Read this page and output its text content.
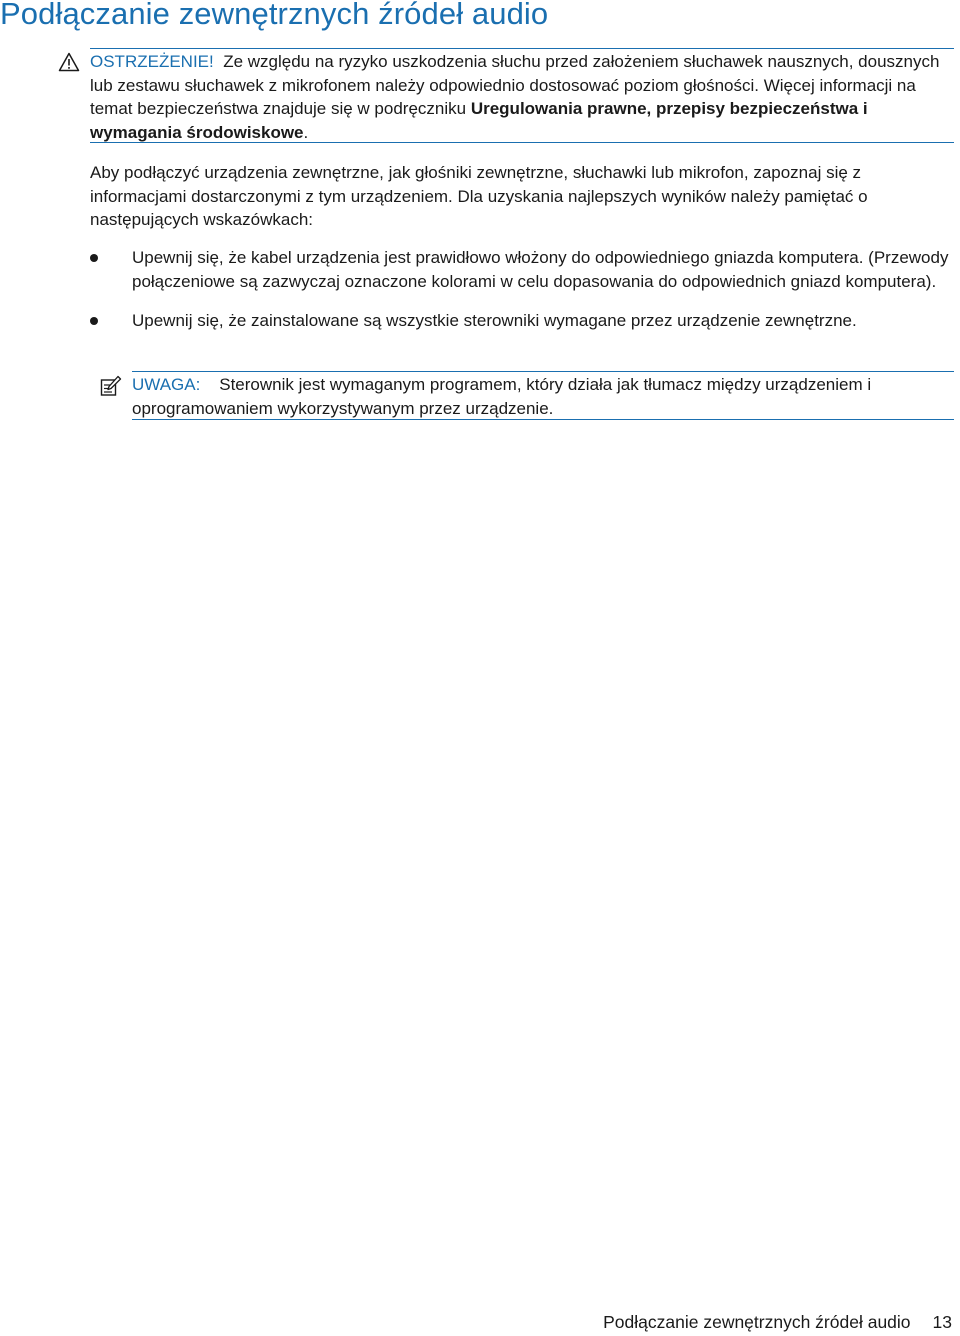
Podłączanie zewnętrznych źródeł audio

OSTRZEŻENIE! Ze względu na ryzyko uszkodzenia słuchu przed założeniem słuchawek nausznych, dousznych lub zestawu słuchawek z mikrofonem należy odpowiednio dostosować poziom głośności. Więcej informacji na temat bezpieczeństwa znajduje się w podręczniku Uregulowania prawne, przepisy bezpieczeństwa i wymagania środowiskowe.

Aby podłączyć urządzenia zewnętrzne, jak głośniki zewnętrzne, słuchawki lub mikrofon, zapoznaj się z informacjami dostarczonymi z tym urządzeniem. Dla uzyskania najlepszych wyników należy pamiętać o następujących wskazówkach:

Upewnij się, że kabel urządzenia jest prawidłowo włożony do odpowiedniego gniazda komputera. (Przewody połączeniowe są zazwyczaj oznaczone kolorami w celu dopasowania do odpowiednich gniazd komputera).
Upewnij się, że zainstalowane są wszystkie sterowniki wymagane przez urządzenie zewnętrzne.

UWAGA: Sterownik jest wymaganym programem, który działa jak tłumacz między urządzeniem i oprogramowaniem wykorzystywanym przez urządzenie.

Podłączanie zewnętrznych źródeł audio 13
